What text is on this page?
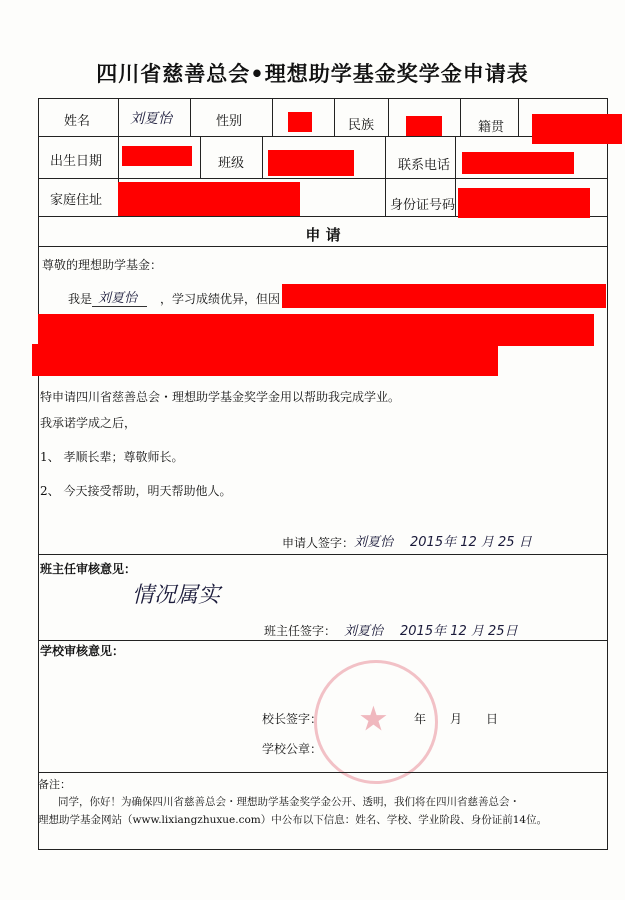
四川省慈善总会•理想助学基金奖学金申请表
姓名	刘夏怡	性别	民族	籍贯
出生日期	班级	联系电话
家庭住址	身份证号码
申 请
尊敬的理想助学基金：
我是 刘夏怡	，学习成绩优异，但因
特申请四川省慈善总会・理想助学基金奖学金用以帮助我完成学业。
我承诺学成之后，
1、 孝顺长辈；尊敬师长。
2、 今天接受帮助，明天帮助他人。
申请人签字： 刘夏怡 2015年 12 月 25 日
班主任审核意见：
情况属实
班主任签字： 刘夏怡 2015年 12 月 25日
学校审核意见：
★
校长签字：	年　　月　　日
学校公章：
备注：
同学，你好！为确保四川省慈善总会・理想助学基金奖学金公开、透明，我们将在四川省慈善总会・
理想助学基金网站（www.lixiangzhuxue.com）中公布以下信息：姓名、学校、学业阶段、身份证前14位。
